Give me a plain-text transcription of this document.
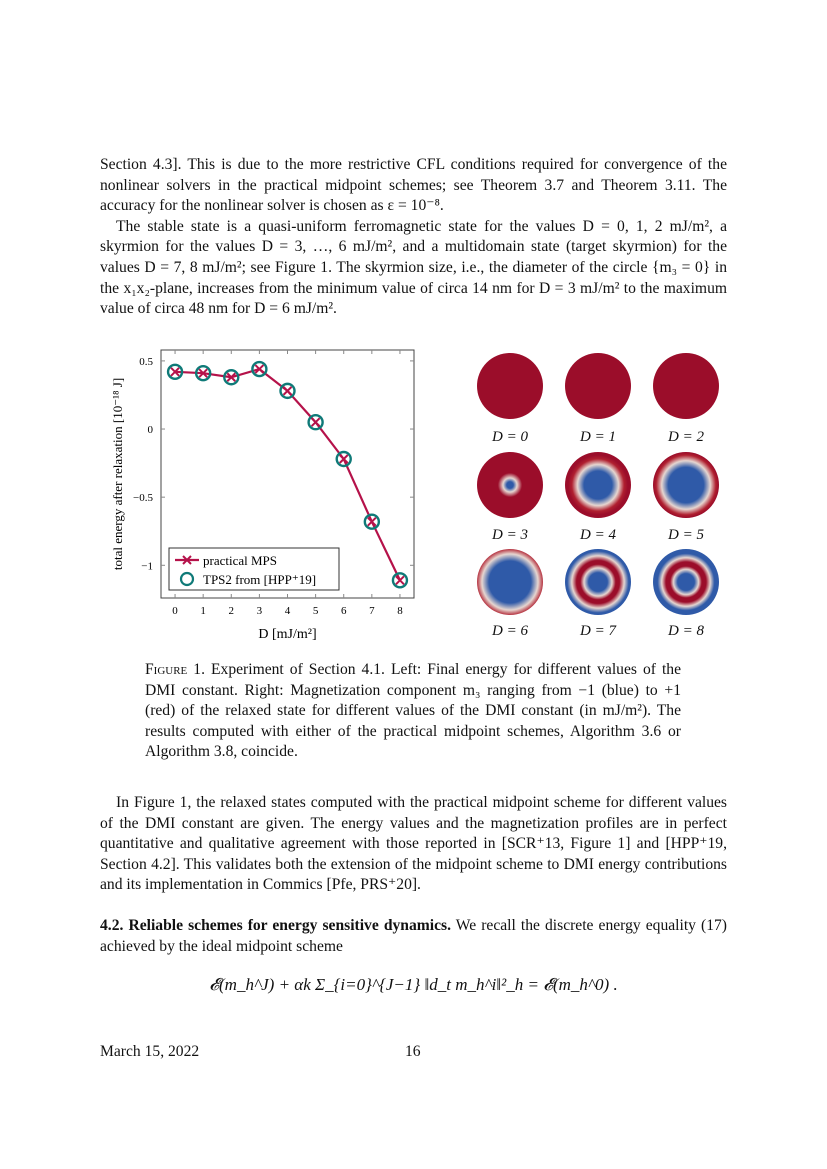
Section 4.3]. This is due to the more restrictive CFL conditions required for convergence of the nonlinear solvers in the practical midpoint schemes; see Theorem 3.7 and Theorem 3.11. The accuracy for the nonlinear solver is chosen as ε = 10⁻⁸.

The stable state is a quasi-uniform ferromagnetic state for the values D = 0, 1, 2 mJ/m², a skyrmion for the values D = 3, …, 6 mJ/m², and a multidomain state (target skyrmion) for the values D = 7, 8 mJ/m²; see Figure 1. The skyrmion size, i.e., the diameter of the circle {m₃ = 0} in the x₁x₂-plane, increases from the minimum value of circa 14 nm for D = 3 mJ/m² to the maximum value of circa 48 nm for D = 6 mJ/m².

0 1 2 3 4 5 6 7 8
0.5
0
−0.5
−1
D [mJ/m²]
total energy after relaxation [10⁻¹⁸ J]	practical MPS
TPS2 from [HPP⁺19]
D = 0	D = 1	D = 2
D = 3	D = 4	D = 5
D = 6	D = 7	D = 8
Figure 1. Experiment of Section 4.1. Left: Final energy for different values of the DMI constant. Right: Magnetization component m₃ ranging from −1 (blue) to +1 (red) of the relaxed state for different values of the DMI constant (in mJ/m²). The results computed with either of the practical midpoint schemes, Algorithm 3.6 or Algorithm 3.8, coincide.

In Figure 1, the relaxed states computed with the practical midpoint scheme for different values of the DMI constant are given. The energy values and the magnetization profiles are in perfect quantitative and qualitative agreement with those reported in [SCR⁺13, Figure 1] and [HPP⁺19, Section 4.2]. This validates both the extension of the midpoint scheme to DMI energy contributions and its implementation in Commics [Pfe, PRS⁺20].

4.2. Reliable schemes for energy sensitive dynamics. We recall the discrete energy equality (17) achieved by the ideal midpoint scheme

𝓔(m_h^J) + αk Σ_{i=0}^{J−1} ‖d_t m_h^i‖²_h = 𝓔(m_h^0) .
March 15, 2022	16
